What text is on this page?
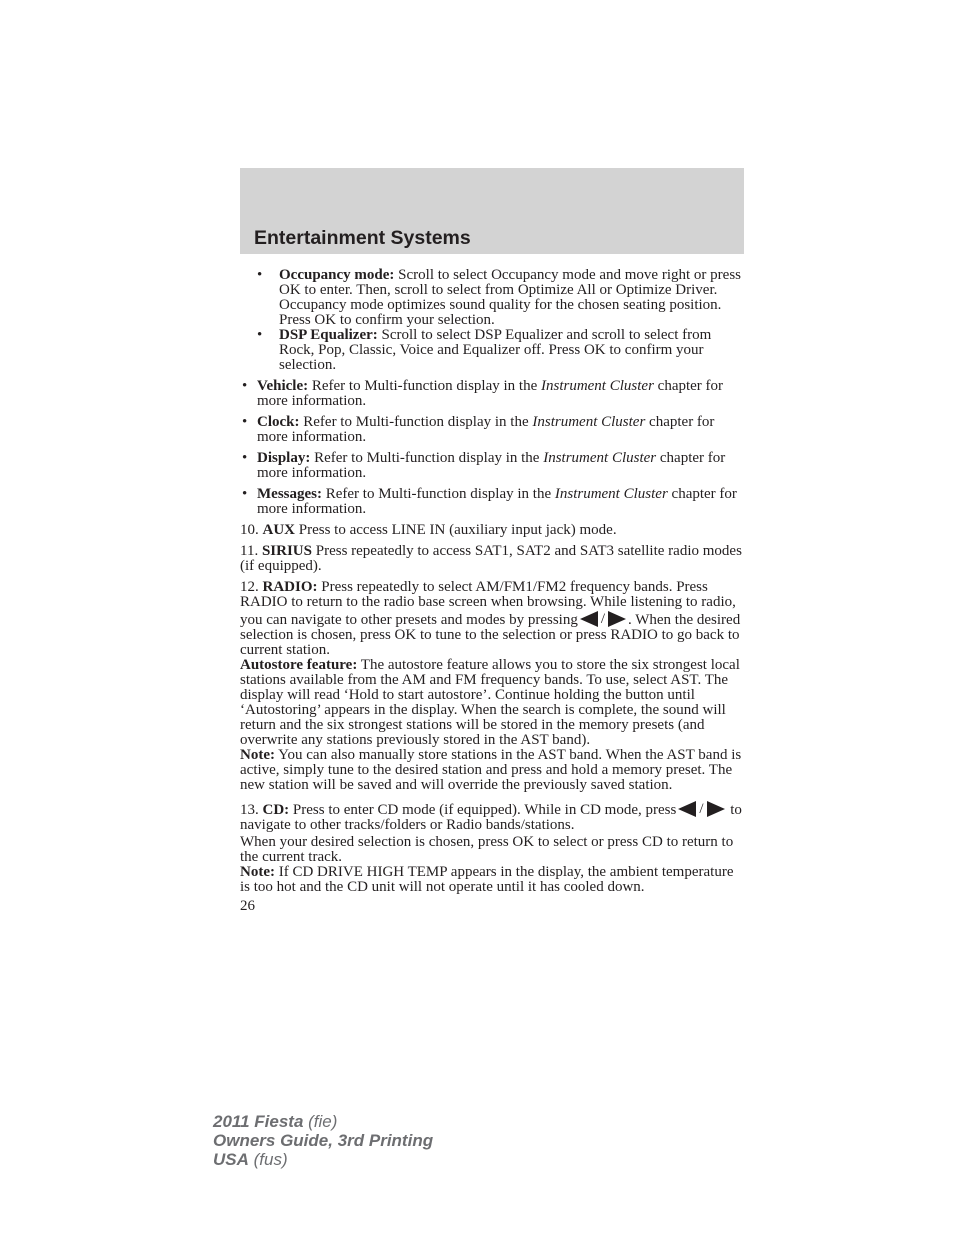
Entertainment Systems
• Occupancy mode: Scroll to select Occupancy mode and move right or press OK to enter. Then, scroll to select from Optimize All or Optimize Driver. Occupancy mode optimizes sound quality for the chosen seating position. Press OK to confirm your selection.
• DSP Equalizer: Scroll to select DSP Equalizer and scroll to select from Rock, Pop, Classic, Voice and Equalizer off. Press OK to confirm your selection.
• Vehicle: Refer to Multi-function display in the Instrument Cluster chapter for more information.
• Clock: Refer to Multi-function display in the Instrument Cluster chapter for more information.
• Display: Refer to Multi-function display in the Instrument Cluster chapter for more information.
• Messages: Refer to Multi-function display in the Instrument Cluster chapter for more information.
10. AUX Press to access LINE IN (auxiliary input jack) mode.
11. SIRIUS Press repeatedly to access SAT1, SAT2 and SAT3 satellite radio modes (if equipped).
12. RADIO: Press repeatedly to select AM/FM1/FM2 frequency bands. Press RADIO to return to the radio base screen when browsing. While listening to radio, you can navigate to other presets and modes by pressing / . When the desired selection is chosen, press OK to tune to the selection or press RADIO to go back to current station.
Autostore feature: The autostore feature allows you to store the six strongest local stations available from the AM and FM frequency bands. To use, select AST. The display will read ‘Hold to start autostore’. Continue holding the button until ‘Autostoring’ appears in the display. When the search is complete, the sound will return and the six strongest stations will be stored in the memory presets (and overwrite any stations previously stored in the AST band).
Note: You can also manually store stations in the AST band. When the AST band is active, simply tune to the desired station and press and hold a memory preset. The new station will be saved and will override the previously saved station.
13. CD: Press to enter CD mode (if equipped). While in CD mode, press / to navigate to other tracks/folders or Radio bands/stations.
When your desired selection is chosen, press OK to select or press CD to return to the current track.
Note: If CD DRIVE HIGH TEMP appears in the display, the ambient temperature is too hot and the CD unit will not operate until it has cooled down.
26
2011 Fiesta (fie)
Owners Guide, 3rd Printing
USA (fus)
